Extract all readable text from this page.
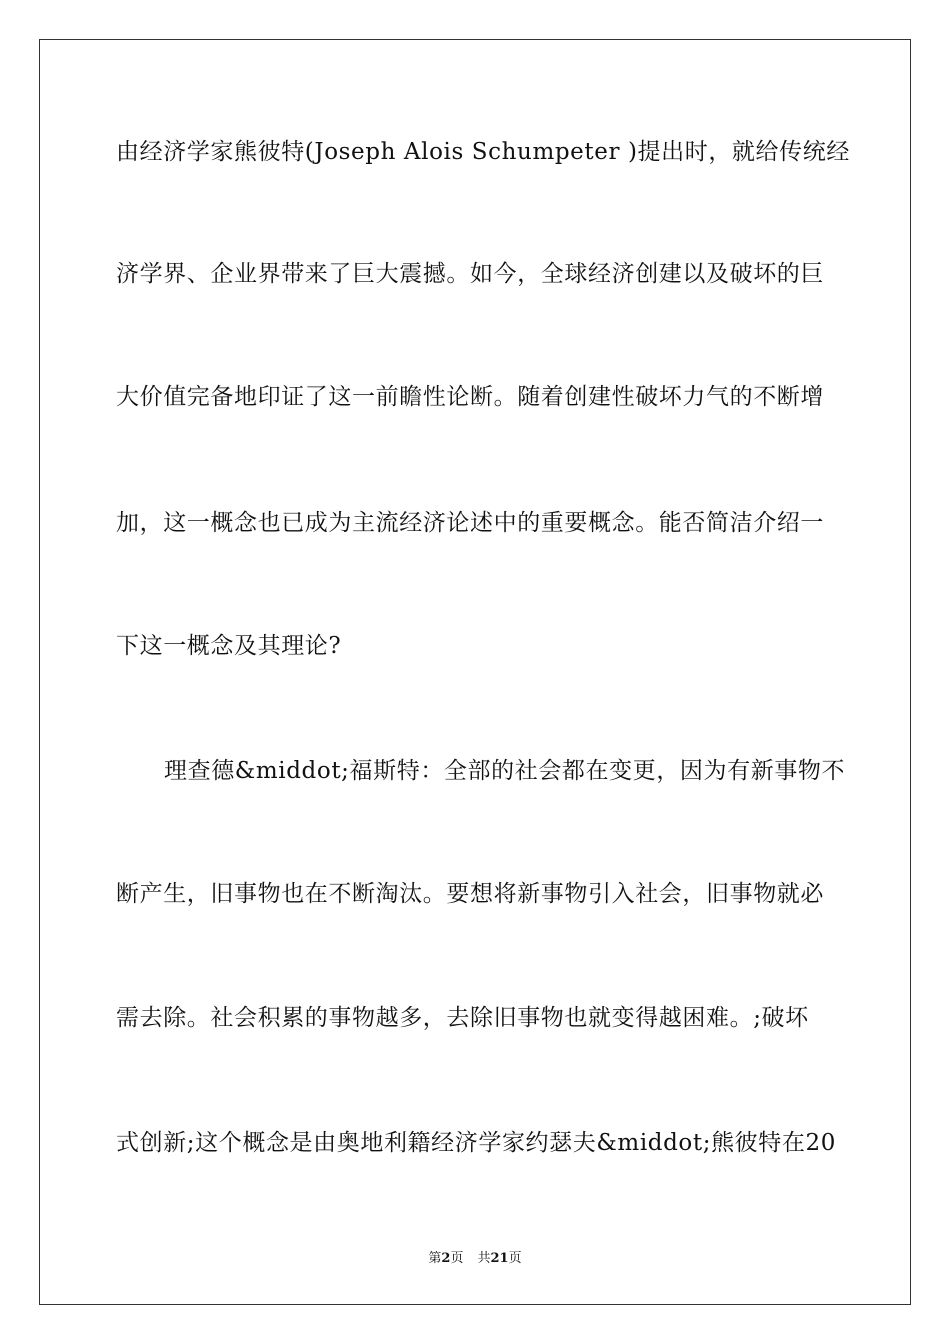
由经济学家熊彼特(Joseph Alois Schumpeter )提出时，就给传统经
济学界、企业界带来了巨大震撼。如今，全球经济创建以及破坏的巨
大价值完备地印证了这一前瞻性论断。随着创建性破坏力气的不断增
加，这一概念也已成为主流经济论述中的重要概念。能否简洁介绍一
下这一概念及其理论?
理查德&middot;福斯特：全部的社会都在变更，因为有新事物不
断产生，旧事物也在不断淘汰。要想将新事物引入社会，旧事物就必
需去除。社会积累的事物越多，去除旧事物也就变得越困难。;破坏
式创新;这个概念是由奥地利籍经济学家约瑟夫&middot;熊彼特在20
第2页 共21页
